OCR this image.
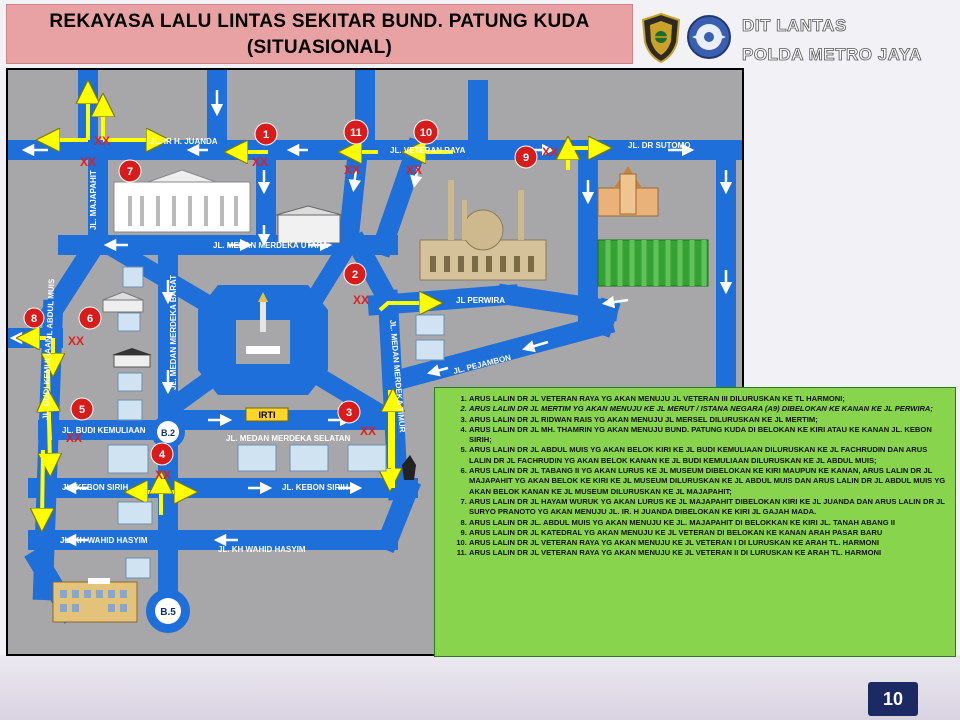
REKAYASA LALU LINTAS SEKITAR BUND. PATUNG KUDA
(SITUASIONAL)
DIT LANTAS
POLDA METRO JAYA
B.2
B.5
XX
XX
XX
XX	XX
XX
XX
XX
XX
XX
XX
IRTI
JL. IR H. JUANDA
JL. VETERAN RAYA
JL. DR SUTOMO
JL. MAJAPAHIT
JL. MEDAN MERDEKA UTARA
JL PERWIRA
JL. PEJAMBON
JL ABDUL MUIS
JL. BUDI KEMULIAAN	JL. MEDAN MERDEKA BARAT	JL. MEDAN MERDEKA TIMUR
JL. BUDI KEMULIAAN
JL. MEDAN MERDEKA SELATAN
JL. KEBON SIRIH	JL. KEBON SIRIH
JL. KH WAHID HASYIM
JL. KH WAHID HASYIM
1
2
3
4
5
6
7
8
9
10
11
1. ARUS LALIN DR JL VETERAN RAYA YG AKAN MENUJU JL VETERAN III DILURUSKAN KE TL HARMONI;
2. ARUS LALIN DR JL MERTIM YG AKAN MENUJU KE JL MERUT / ISTANA NEGARA (A9) DIBELOKAN KE KANAN KE JL PERWIRA;
3. ARUS LALIN DR JL RIDWAN RAIS YG AKAN MENUJU JL MERSEL DILURUSKAN KE JL MERTIM;
4. ARUS LALIN DR JL MH. THAMRIN YG AKAN MENUJU BUND. PATUNG KUDA DI BELOKAN KE KIRI ATAU KE KANAN JL. KEBON SIRIH;
5. ARUS LALIN DR JL ABDUL MUIS YG AKAN BELOK KIRI KE JL BUDI KEMULIAAN DILURUSKAN KE JL FACHRUDIN DAN ARUS LALIN DR JL FACHRUDIN YG AKAN BELOK KANAN KE JL BUDI KEMULIAAN DILURUSKAN KE JL ABDUL MUIS;
6. ARUS LALIN DR JL TABANG II YG AKAN LURUS KE JL MUSEUM DIBELOKAN KE KIRI MAUPUN KE KANAN, ARUS LALIN DR JL MAJAPAHIT YG AKAN BELOK KE KIRI KE JL MUSEUM DILURUSKAN KE JL ABDUL MUIS DAN ARUS LALIN DR JL ABDUL MUIS YG AKAN BELOK KANAN KE JL MUSEUM DILURUSKAN KE JL MAJAPAHIT;
7. ARUS LALIN DR JL HAYAM WURUK YG AKAN LURUS KE JL MAJAPAHIT DIBELOKAN KIRI KE JL JUANDA DAN ARUS LALIN DR JL SURYO PRANOTO YG AKAN MENUJU JL. IR. H JUANDA DIBELOKAN KE KIRI JL GAJAH MADA.
8. ARUS LALIN DR JL. ABDUL MUIS YG AKAN MENUJU KE JL. MAJAPAHIT DI BELOKKAN KE KIRI JL. TANAH ABANG II
9. ARUS LALIN DR JL KATEDRAL YG AKAN MENUJU KE JL VETERAN DI BELOKAN KE KANAN ARAH PASAR BARU
10. ARUS LALIN DR JL VETERAN RAYA YG AKAN MENUJU KE JL VETERAN I DI LURUSKAN KE ARAH TL. HARMONI
11. ARUS LALIN DR JL VETERAN RAYA YG AKAN MENUJU KE JL VETERAN II DI LURUSKAN KE ARAH TL. HARMONI
10
